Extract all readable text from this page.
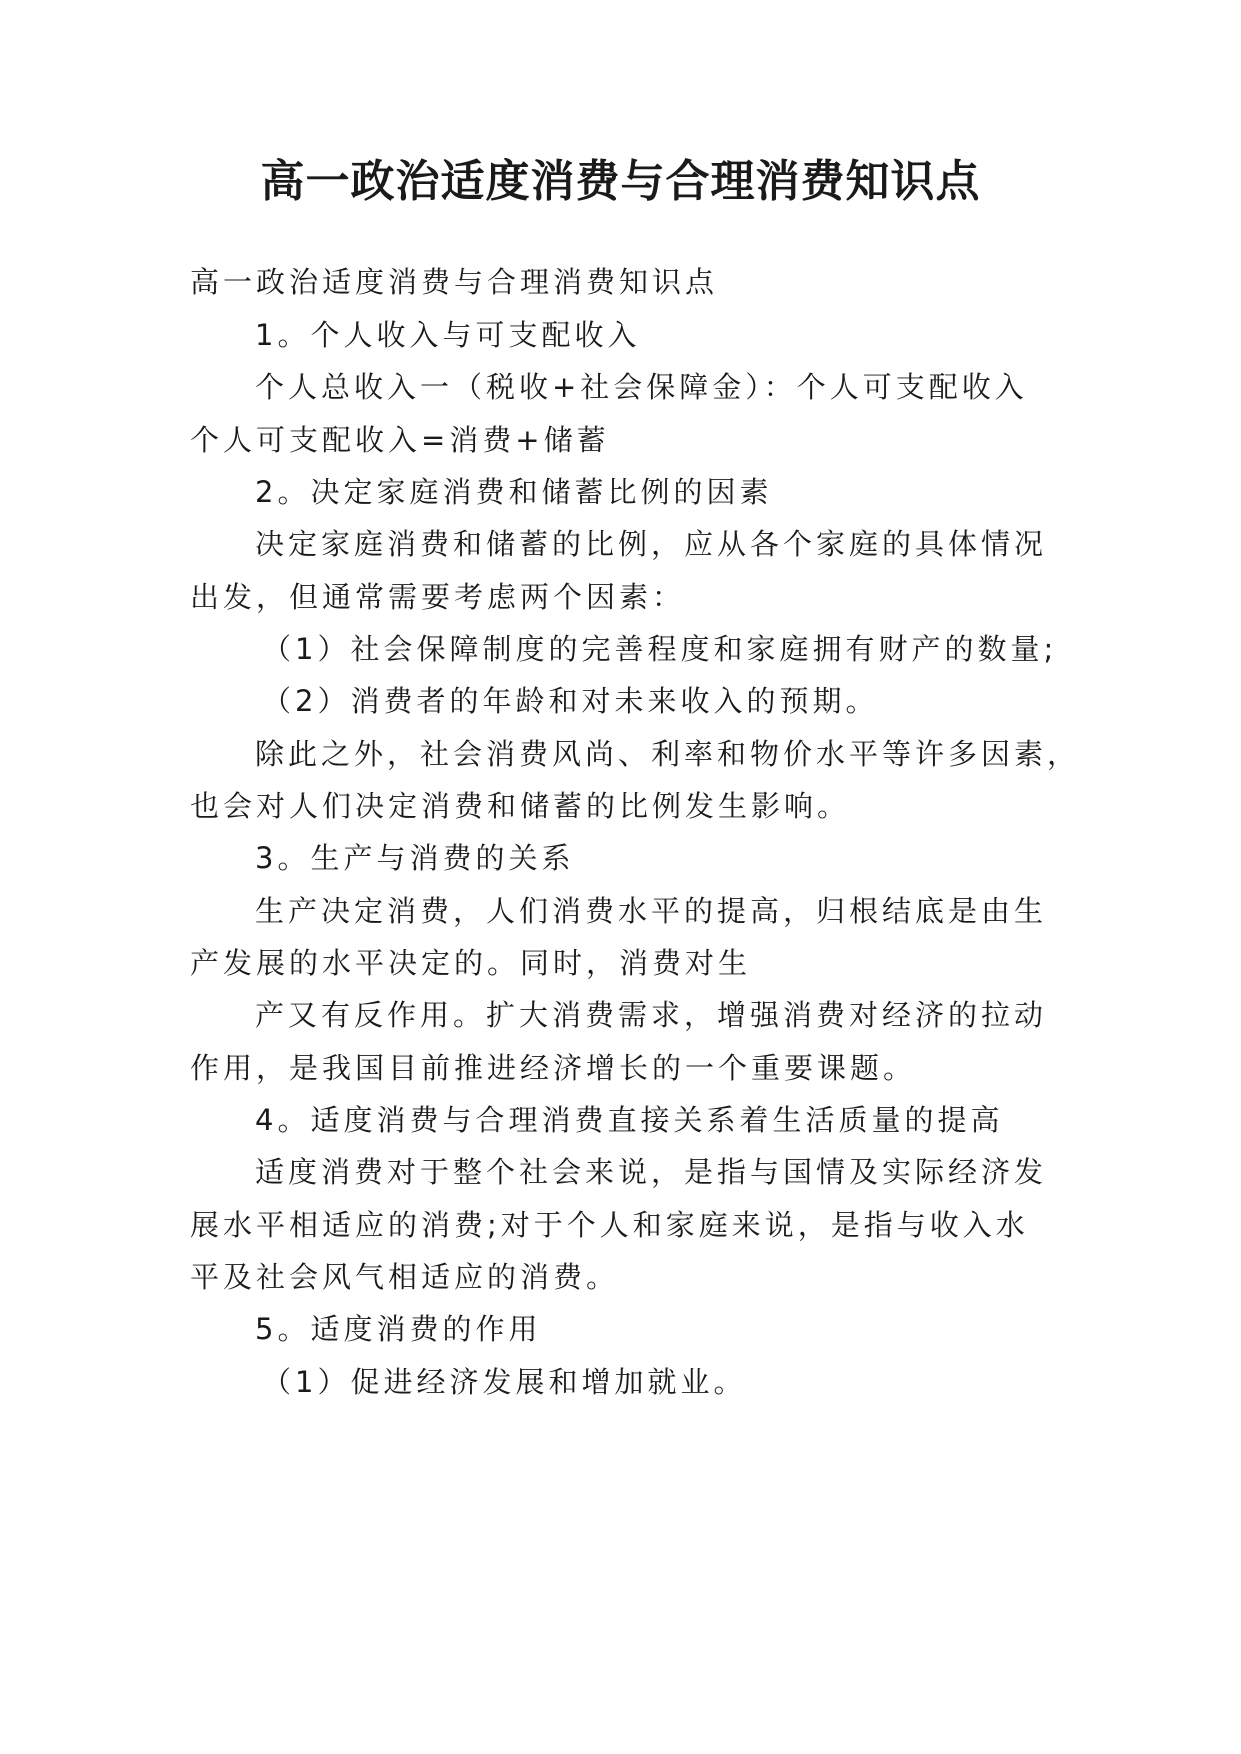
高一政治适度消费与合理消费知识点
高一政治适度消费与合理消费知识点
1。个人收入与可支配收入
个人总收入一（税收+社会保障金）：个人可支配收入
个人可支配收入=消费+储蓄
2。决定家庭消费和储蓄比例的因素
决定家庭消费和储蓄的比例，应从各个家庭的具体情况
出发，但通常需要考虑两个因素：
（1）社会保障制度的完善程度和家庭拥有财产的数量;
（2）消费者的年龄和对未来收入的预期。
除此之外，社会消费风尚、利率和物价水平等许多因素，
也会对人们决定消费和储蓄的比例发生影响。
3。生产与消费的关系
生产决定消费，人们消费水平的提高，归根结底是由生
产发展的水平决定的。同时，消费对生
产又有反作用。扩大消费需求，增强消费对经济的拉动
作用，是我国目前推进经济增长的一个重要课题。
4。适度消费与合理消费直接关系着生活质量的提高
适度消费对于整个社会来说，是指与国情及实际经济发
展水平相适应的消费;对于个人和家庭来说，是指与收入水
平及社会风气相适应的消费。
5。适度消费的作用
（1）促进经济发展和增加就业。
